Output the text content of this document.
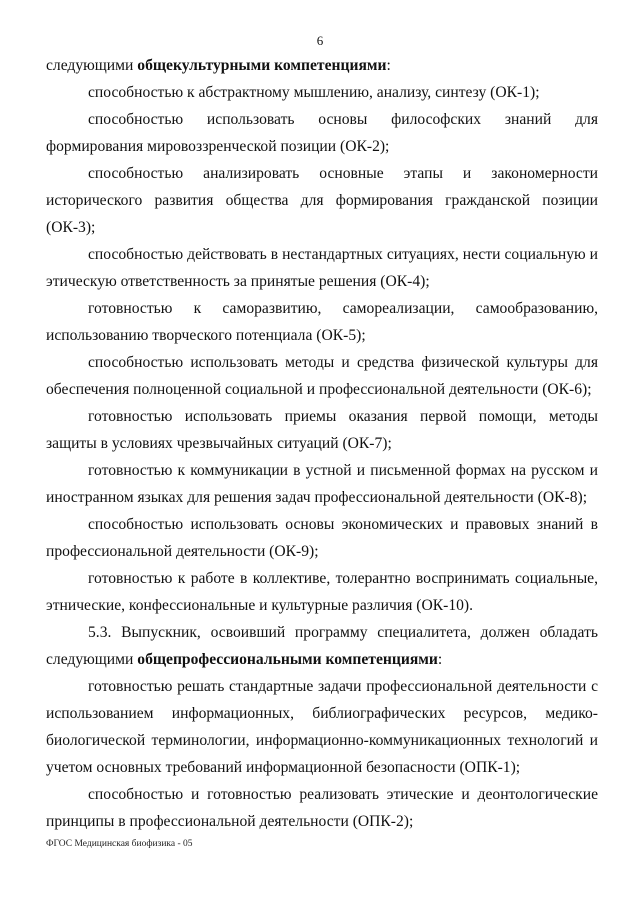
6

следующими общекультурными компетенциями:

способностью к абстрактному мышлению, анализу, синтезу (ОК-1);

способностью использовать основы философских знаний для формирования мировоззренческой позиции (ОК-2);

способностью анализировать основные этапы и закономерности исторического развития общества для формирования гражданской позиции (ОК-3);

способностью действовать в нестандартных ситуациях, нести социальную и этическую ответственность за принятые решения (ОК-4);

готовностью к саморазвитию, самореализации, самообразованию, использованию творческого потенциала (ОК-5);

способностью использовать методы и средства физической культуры для обеспечения полноценной социальной и профессиональной деятельности (ОК-6);

готовностью использовать приемы оказания первой помощи, методы защиты в условиях чрезвычайных ситуаций (ОК-7);

готовностью к коммуникации в устной и письменной формах на русском и иностранном языках для решения задач профессиональной деятельности (ОК-8);

способностью использовать основы экономических и правовых знаний в профессиональной деятельности (ОК-9);

готовностью к работе в коллективе, толерантно воспринимать социальные, этнические, конфессиональные и культурные различия (ОК-10).

5.3. Выпускник, освоивший программу специалитета, должен обладать следующими общепрофессиональными компетенциями:

готовностью решать стандартные задачи профессиональной деятельности с использованием информационных, библиографических ресурсов, медико-биологической терминологии, информационно-коммуникационных технологий и учетом основных требований информационной безопасности (ОПК-1);

способностью и готовностью реализовать этические и деонтологические принципы в профессиональной деятельности (ОПК-2);

ФГОС Медицинская биофизика - 05
